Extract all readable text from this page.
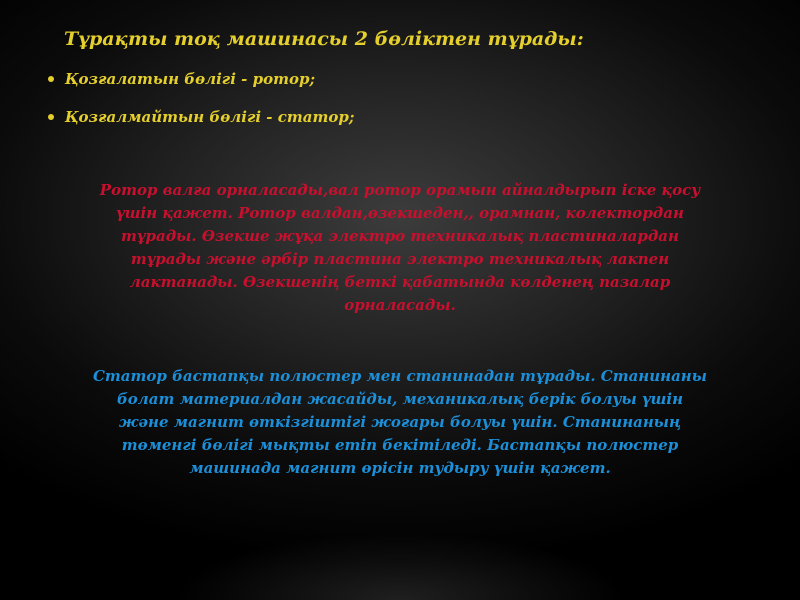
Тұрақты тоқ машинасы 2 бөліктен тұрады:
Қозғалатын бөлігі - ротор;
Қозғалмайтын бөлігі - статор;

Ротор валға орналасады,вал ротор орамын айналдырып іске қосу
үшін қажет. Ротор валдан,өзекшеден,, орамнан, колектордан
тұрады. Өзекше жұқа электро техникалық пластиналардан
тұрады және әрбір пластина электро техникалық лакпен
лактанады. Өзекшенің беткі қабатында көлденең пазалар
орналасады.

Статор бастапқы полюстер мен станинадан тұрады. Станинаны
болат материалдан жасайды, механикалық берік болуы үшін
және магнит өткізгіштігі жоғары болуы үшін. Станинаның
төменгі бөлігі мықты етіп бекітіледі. Бастапқы полюстер
машинада магнит өрісін тудыру үшін қажет.
